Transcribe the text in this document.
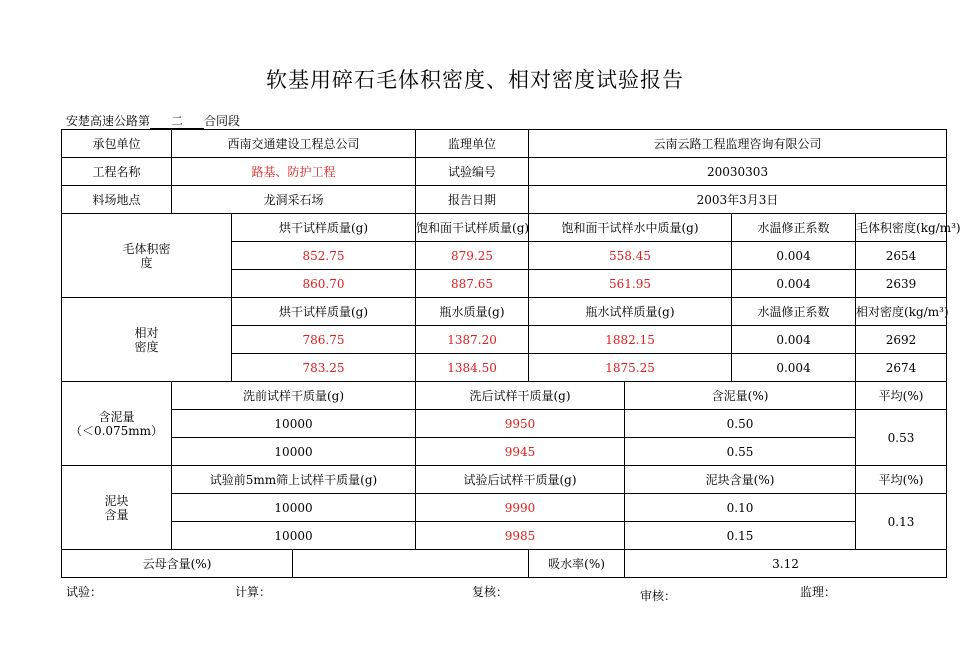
软基用碎石毛体积密度、相对密度试验报告
安楚高速公路第 二 合同段
承包单位	西南交通建设工程总公司			监理单位	云南云路工程监理咨询有限公司				
工程名称	路基、防护工程			试验编号	20030303				
料场地点	龙洞采石场			报告日期	2003年3月3日				

毛体积密度		烘干试样质量(g)		饱和面干试样质量(g)	饱和面干试样水中质量(g)		水温修正系数	毛体积密度(kg/m³)	
		852.75		879.25	558.45		0.004	2654	
		860.70		887.65	561.95		0.004	2639	

相对密度		烘干试样质量(g)		瓶水质量(g)	瓶水试样质量(g)		水温修正系数	相对密度(kg/m³)	
		786.75		1387.20	1882.15		0.004	2692	
		783.25		1384.50	1875.25		0.004	2674	

含泥量
（＜0.075mm）	洗前试样干质量(g)			洗后试样干质量(g)		含泥量(%)		平均(%)	
	10000			9950		0.50		0.53	
	10000			9945		0.55			

泥块
含量	试验前5mm筛上试样干质量(g)			试验后试样干质量(g)		泥块含量(%)		平均(%)	
	10000			9990		0.10		0.13	
	10000			9985		0.15			
云母含量(%)					吸水率(%)	3.12			
试验：	计算：	复核：	审核：	监理：
